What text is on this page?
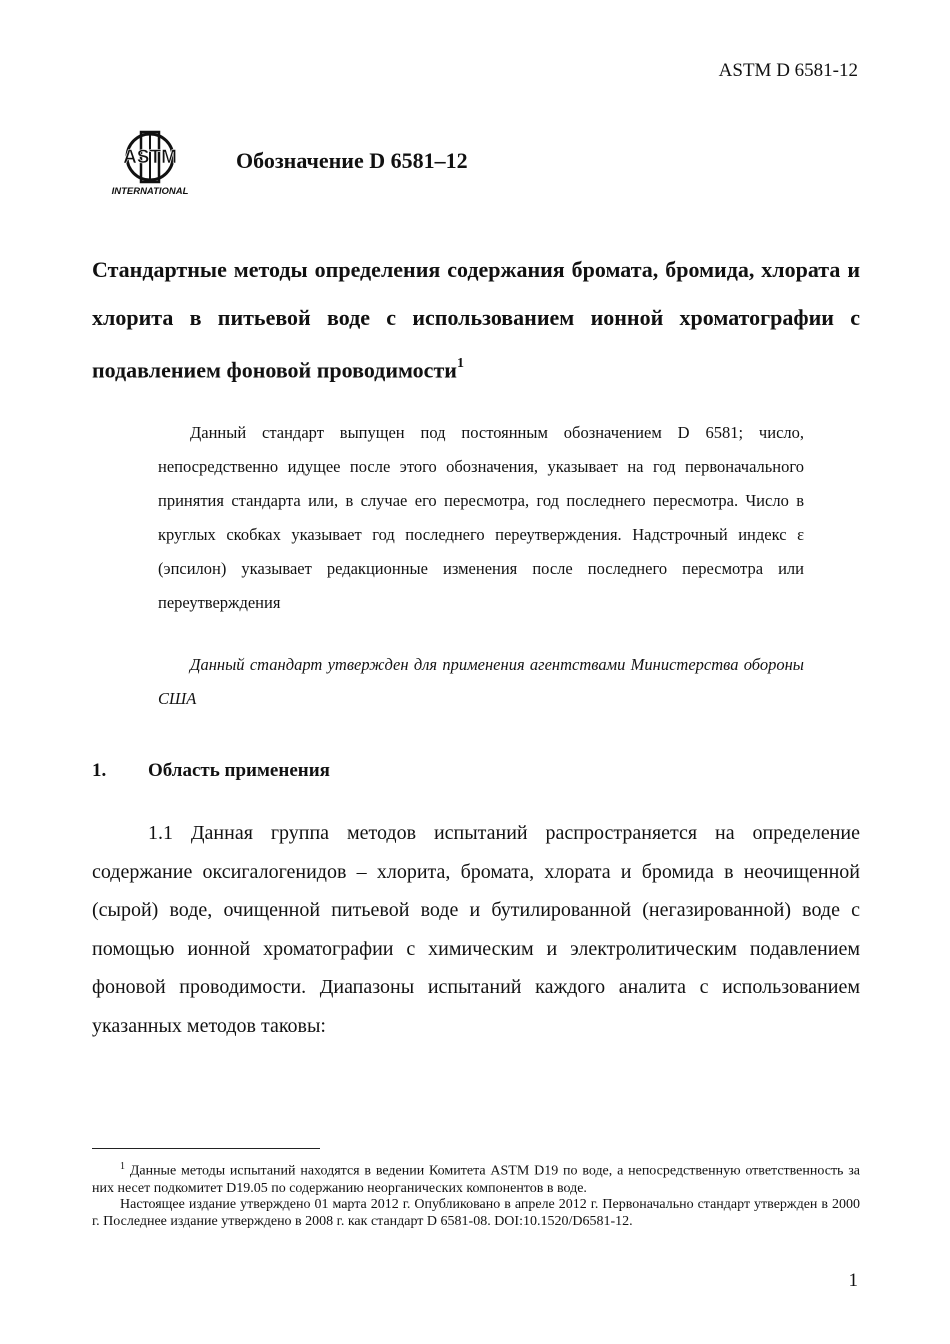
ASTM D 6581-12
ASTM
INTERNATIONAL
Обозначение D 6581–12
Стандартные методы определения содержания бромата, бромида, хлората и хлорита в питьевой воде с использованием ионной хроматографии с подавлением фоновой проводимости$^1$
Данный стандарт выпущен под постоянным обозначением D 6581; число, непосредственно идущее после этого обозначения, указывает на год первоначального принятия стандарта или, в случае его пересмотра, год последнего пересмотра. Число в круглых скобках указывает год последнего переутверждения. Надстрочный индекс ε (эпсилон) указывает редакционные изменения после последнего пересмотра или переутверждения
Данный стандарт утвержден для применения агентствами Министерства обороны США
1. Область применения
1.1 Данная группа методов испытаний распространяется на определение содержание оксигалогенидов – хлорита, бромата, хлората и бромида в неочищенной (сырой) воде, очищенной питьевой воде и бутилированной (негазированной) воде с помощью ионной хроматографии с химическим и электролитическим подавлением фоновой проводимости. Диапазоны испытаний каждого аналита с использованием указанных методов таковы:
$^1$ Данные методы испытаний находятся в ведении Комитета ASTM D19 по воде, а непосредственную ответственность за них несет подкомитет D19.05 по содержанию неорганических компонентов в воде.
Настоящее издание утверждено 01 марта 2012 г. Опубликовано в апреле 2012 г. Первоначально стандарт утвержден в 2000 г. Последнее издание утверждено в 2008 г. как стандарт D 6581-08. DOI:10.1520/D6581-12.
1
